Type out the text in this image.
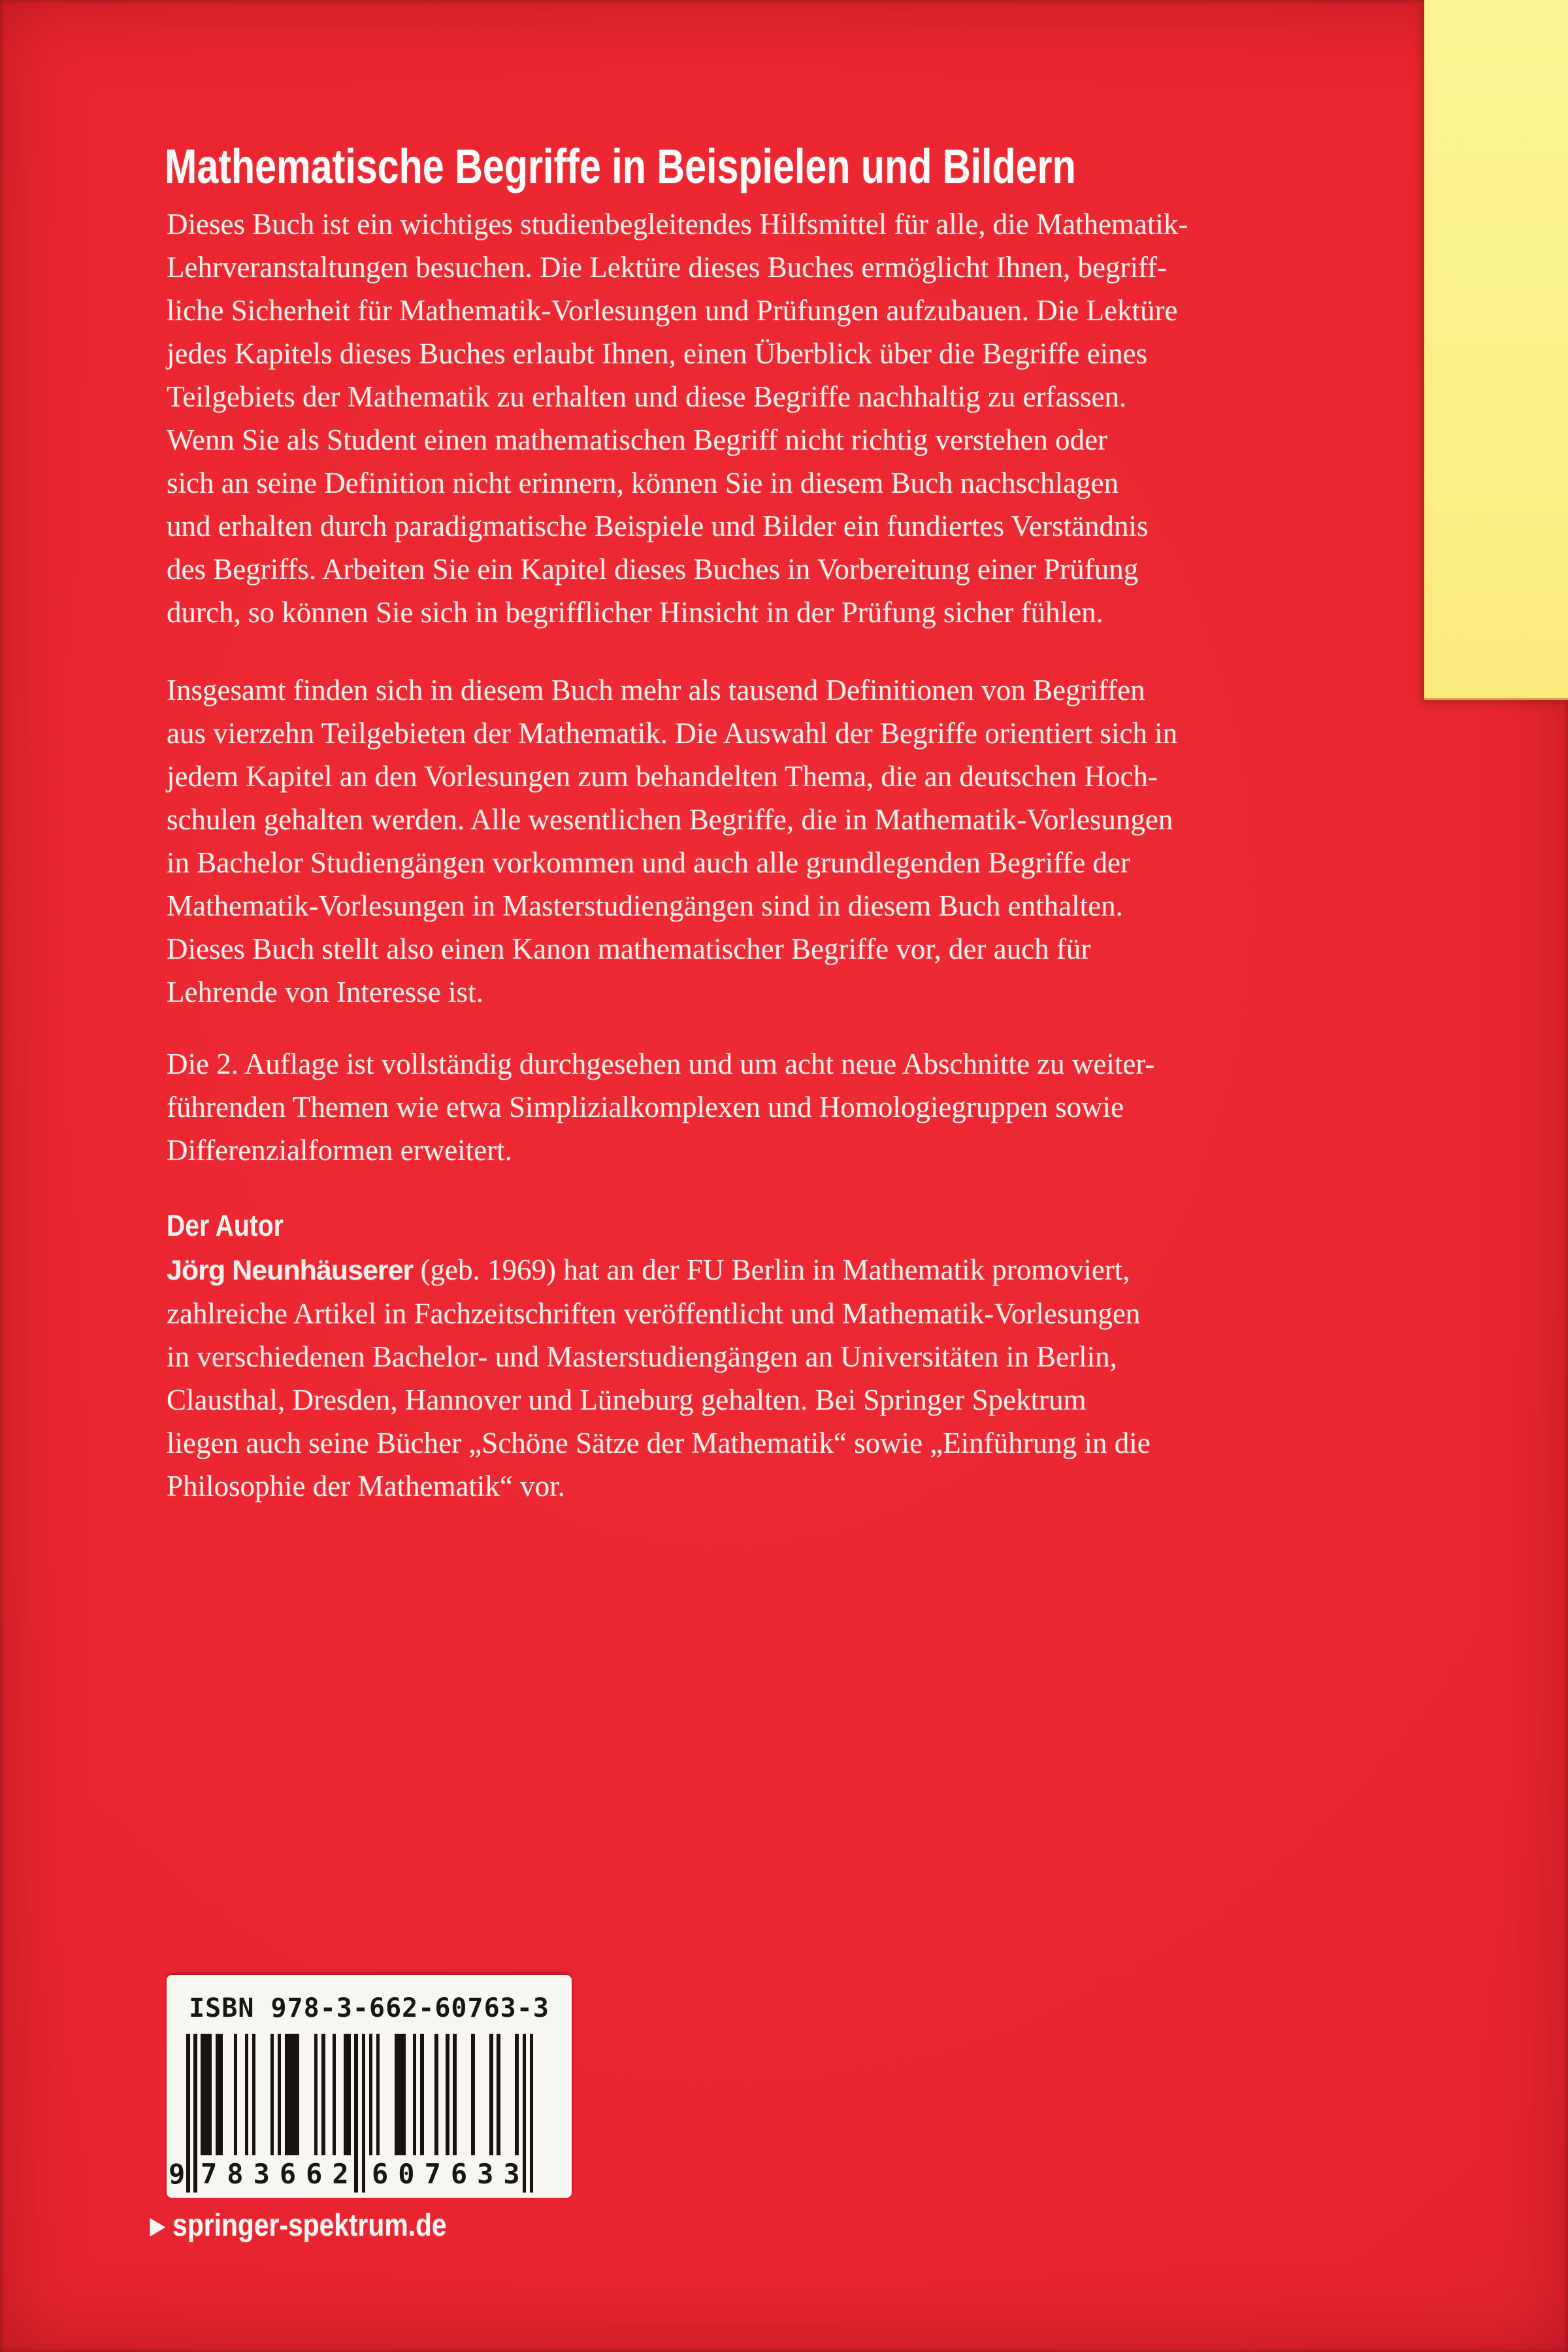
Mathematische Begriffe in Beispielen und Bildern
Dieses Buch ist ein wichtiges studienbegleitendes Hilfsmittel für alle, die Mathematik-
Lehrveranstaltungen besuchen. Die Lektüre dieses Buches ermöglicht Ihnen, begriff-
liche Sicherheit für Mathematik-Vorlesungen und Prüfungen aufzubauen. Die Lektüre
jedes Kapitels dieses Buches erlaubt Ihnen, einen Überblick über die Begriffe eines
Teilgebiets der Mathematik zu erhalten und diese Begriffe nachhaltig zu erfassen.
Wenn Sie als Student einen mathematischen Begriff nicht richtig verstehen oder
sich an seine Definition nicht erinnern, können Sie in diesem Buch nachschlagen
und erhalten durch paradigmatische Beispiele und Bilder ein fundiertes Verständnis
des Begriffs. Arbeiten Sie ein Kapitel dieses Buches in Vorbereitung einer Prüfung
durch, so können Sie sich in begrifflicher Hinsicht in der Prüfung sicher fühlen.
Insgesamt finden sich in diesem Buch mehr als tausend Definitionen von Begriffen
aus vierzehn Teilgebieten der Mathematik. Die Auswahl der Begriffe orientiert sich in
jedem Kapitel an den Vorlesungen zum behandelten Thema, die an deutschen Hoch-
schulen gehalten werden. Alle wesentlichen Begriffe, die in Mathematik-Vorlesungen
in Bachelor Studiengängen vorkommen und auch alle grundlegenden Begriffe der
Mathematik-Vorlesungen in Masterstudiengängen sind in diesem Buch enthalten.
Dieses Buch stellt also einen Kanon mathematischer Begriffe vor, der auch für
Lehrende von Interesse ist.
Die 2. Auflage ist vollständig durchgesehen und um acht neue Abschnitte zu weiter-
führenden Themen wie etwa Simplizialkomplexen und Homologiegruppen sowie
Differenzialformen erweitert.
Der Autor
Jörg Neunhäuserer (geb. 1969) hat an der FU Berlin in Mathematik promoviert,
zahlreiche Artikel in Fachzeitschriften veröffentlicht und Mathematik-Vorlesungen
in verschiedenen Bachelor- und Masterstudiengängen an Universitäten in Berlin,
Clausthal, Dresden, Hannover und Lüneburg gehalten. Bei Springer Spektrum
liegen auch seine Bücher „Schöne Sätze der Mathematik“ sowie „Einführung in die
Philosophie der Mathematik“ vor.
ISBN 978-3-662-60763-3
9 783662 607633
▶ springer-spektrum.de
